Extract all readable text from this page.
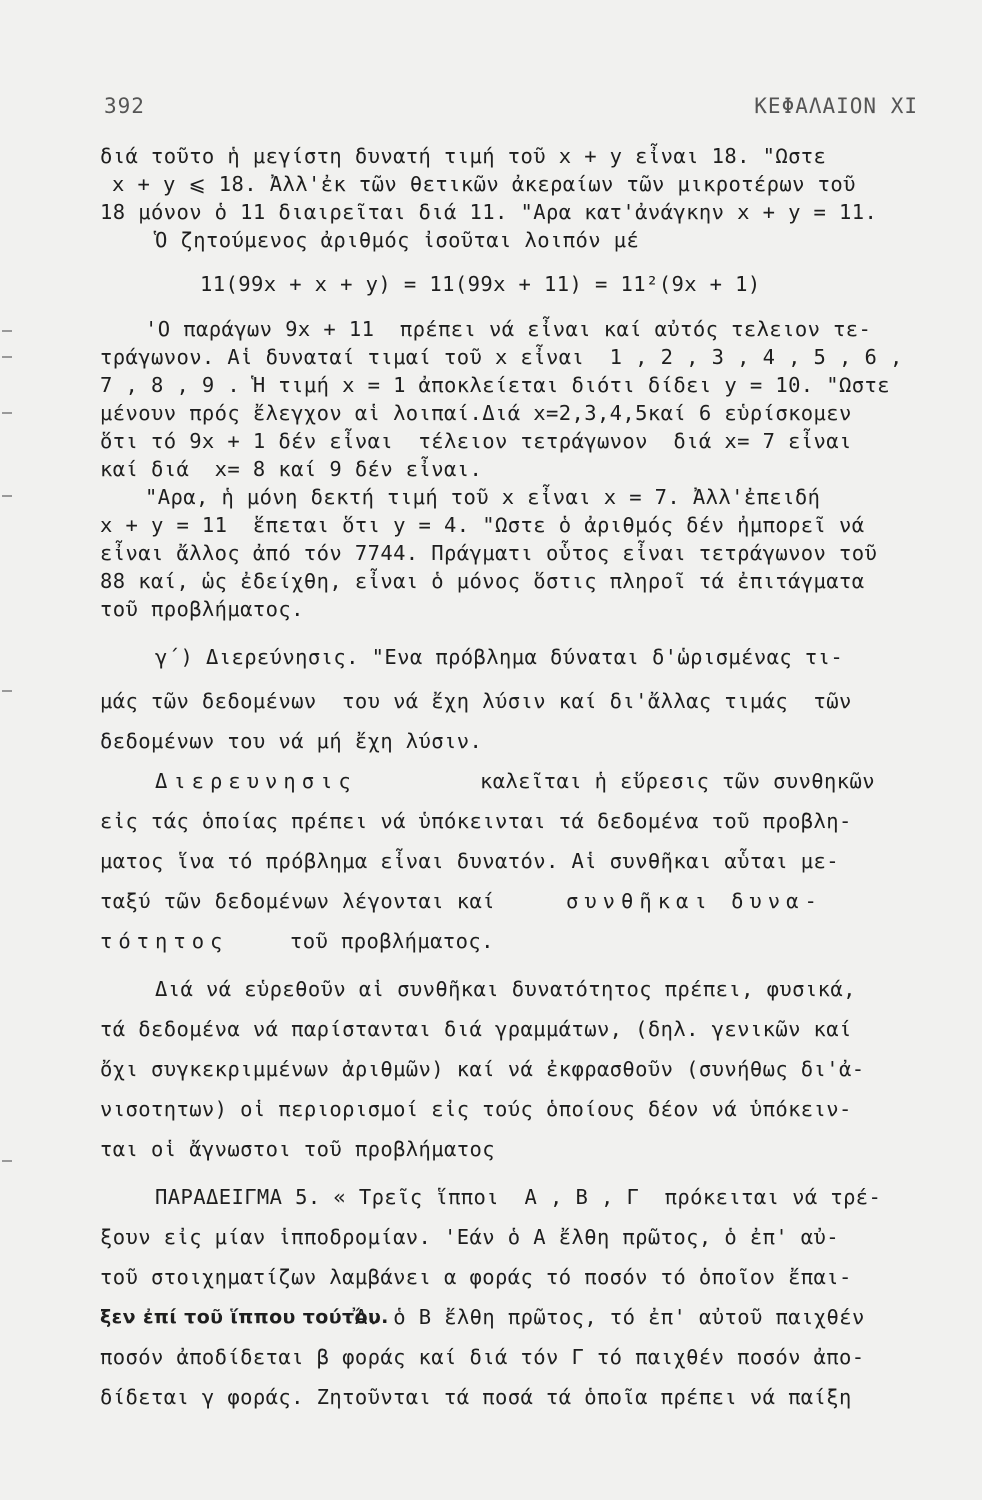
392	ΚΕΦΑΛΑΙΟΝ ΧΙ
διά τοῦτο ἡ μεγίστη δυνατή τιμή τοῦ x + y εἶναι 18. "Ωστε
x + y ⩽ 18. Ἀλλ'ἐκ τῶν θετικῶν ἀκεραίων τῶν μικροτέρων τοῦ
18 μόνον ὁ 11 διαιρεῖται διά 11. "Αρα κατ'ἀνάγκην x + y = 11.
Ὁ ζητούμενος ἀριθμός ἰσοῦται λοιπόν μέ
11(99x + x + y) = 11(99x + 11) = 11²(9x + 1)
'Ο παράγων 9x + 11  πρέπει νά εἶναι καί αὐτός τελειον τε-
τράγωνον. Αἱ δυναταί τιμαί τοῦ x εἶναι  1 , 2 , 3 , 4 , 5 , 6 ,
7 , 8 , 9 . Ἡ τιμή x = 1 ἀποκλείεται διότι δίδει y = 10. "Ωστε
μένουν πρός ἔλεγχον αἱ λοιπαί.Διά x=2,3,4,5καί 6 εὑρίσκομεν
ὅτι τό 9x + 1 δέν εἶναι  τέλειον τετράγωνον  διά x= 7 εἶναι
καί διά  x= 8 καί 9 δέν εἶναι.
"Αρα, ἡ μόνη δεκτή τιμή τοῦ x εἶναι x = 7. Ἀλλ'ἐπειδή
x + y = 11  ἕπεται ὅτι y = 4. "Ωστε ὁ ἀριθμός δέν ἠμπορεῖ νά
εἶναι ἄλλος ἀπό τόν 7744. Πράγματι οὗτος εἶναι τετράγωνον τοῦ
88 καί, ὡς ἐδείχθη, εἶναι ὁ μόνος ὅστις πληροῖ τά ἐπιτάγματα
τοῦ προβλήματος.
γ΄) Διερεύνησις. "Ενα πρόβλημα δύναται δ'ὡρισμένας τι-
μάς τῶν δεδομένων  του νά ἔχη λύσιν καί δι'ἄλλας τιμάς  τῶν
δεδομένων του νά μή ἔχη λύσιν.
Διερευνησις	καλεῖται ἡ εὕρεσις τῶν συνθηκῶν
εἰς τάς ὁποίας πρέπει νά ὑπόκεινται τά δεδομένα τοῦ προβλη-
ματος ἵνα τό πρόβλημα εἶναι δυνατόν. Αἱ συνθῆκαι αὗται με-
ταξύ τῶν δεδομένων λέγονται καί	συνθῆκαι δυνα-
τότητος	τοῦ προβλήματος.
Διά νά εὑρεθοῦν αἱ συνθῆκαι δυνατότητος πρέπει, φυσικά,
τά δεδομένα νά παρίστανται διά γραμμάτων, (δηλ. γενικῶν καί
ὄχι συγκεκριμμένων ἀριθμῶν) καί νά ἐκφρασθοῦν (συνήθως δι'ἀ-
νισοτητων) οἱ περιορισμοί εἰς τούς ὁποίους δέον νά ὑπόκειν-
ται οἱ ἄγνωστοι τοῦ προβλήματος
ΠΑΡΑΔΕΙΓΜΑ 5. « Τρεῖς ἵπποι  Α , Β , Γ  πρόκειται νά τρέ-
ξουν εἰς μίαν ἱπποδρομίαν. 'Εάν ὁ Α ἔλθη πρῶτος, ὁ ἐπ' αὐ-
τοῦ στοιχηματίζων λαμβάνει α φοράς τό ποσόν τό ὁποῖον ἔπαι-
ξεν ἐπί τοῦ ἵππου τούτου.
Ἄν ὁ Β ἔλθη πρῶτος, τό ἐπ' αὐτοῦ παιχθέν
ποσόν ἀποδίδεται β φοράς καί διά τόν Γ τό παιχθέν ποσόν ἀπο-
δίδεται γ φοράς. Ζητοῦνται τά ποσά τά ὁποῖα πρέπει νά παίξη
